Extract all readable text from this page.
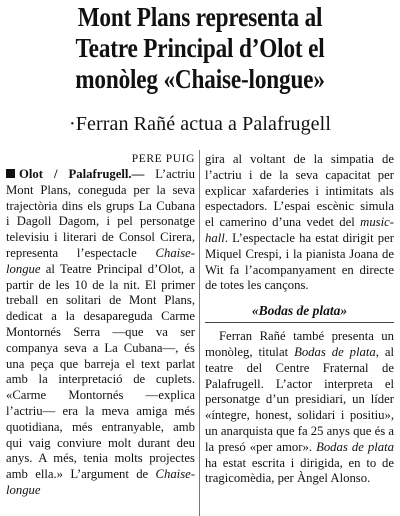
Mont Plans representa al
Teatre Principal d’Olot el
monòleg «Chaise-longue»
·Ferran Rañé actua a Palafrugell
PERE PUIG

Olot / Palafrugell.— L’actriu Mont Plans, coneguda per la seva trajectòria dins els grups La Cubana i Dagoll Dagom, i pel personatge televisiu i literari de Consol Cirera, representa l’espectacle Chaise-longue al Teatre Principal d’Olot, a partir de les 10 de la nit. El primer treball en solitari de Mont Plans, dedicat a la desapareguda Carme Montornés Serra —que va ser companya seva a La Cubana—, és una peça que barreja el text parlat amb la interpretació de cuplets. «Carme Montornés —explica l’actriu— era la meva amiga més quotidiana, més entranyable, amb qui vaig conviure molt durant deu anys. A més, tenia molts projectes amb ella.» L’argument de Chaise-longue

gira al voltant de la simpatia de l’actriu i de la seva capacitat per explicar xafarderies i intimitats als espectadors. L’espai escènic simula el camerino d’una vedet del music-hall. L’espectacle ha estat dirigit per Miquel Crespi, i la pianista Joana de Wit fa l’acompanyament en directe de totes les cançons.

«Bodas de plata»

Ferran Rañé també presenta un monòleg, titulat Bodas de plata, al teatre del Centre Fraternal de Palafrugell. L’actor interpreta el personatge d’un presidiari, un líder «íntegre, honest, solidari i positiu», un anarquista que fa 25 anys que és a la presó «per amor». Bodas de plata ha estat escrita i dirigida, en to de tragicomèdia, per Àngel Alonso.
